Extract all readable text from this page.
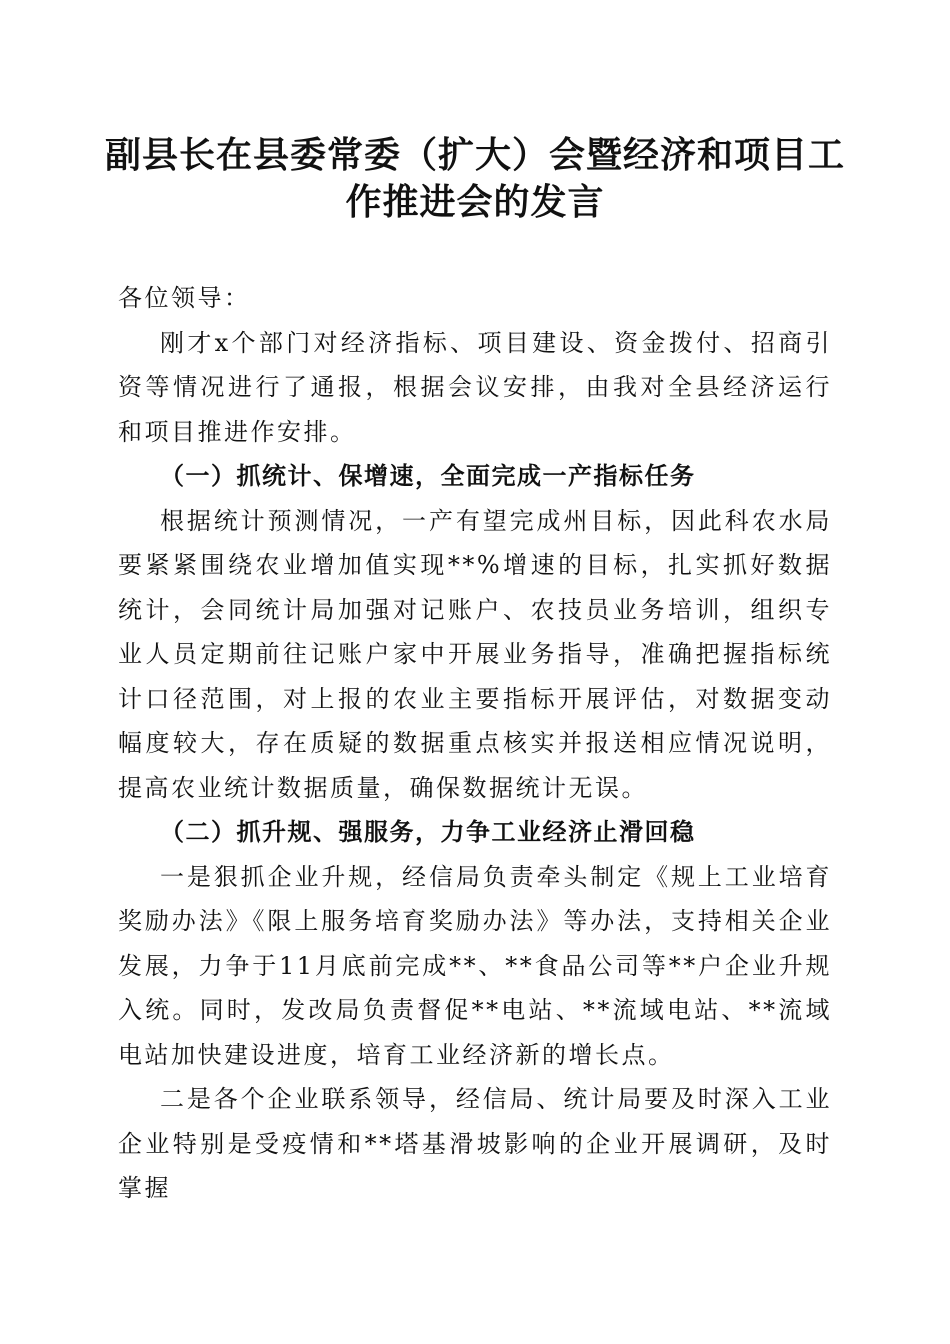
副县长在县委常委（扩大）会暨经济和项目工作推进会的发言

各位领导：

刚才x个部门对经济指标、项目建设、资金拨付、招商引资等情况进行了通报，根据会议安排，由我对全县经济运行和项目推进作安排。

（一）抓统计、保增速，全面完成一产指标任务

根据统计预测情况，一产有望完成州目标，因此科农水局要紧紧围绕农业增加值实现**%增速的目标，扎实抓好数据统计，会同统计局加强对记账户、农技员业务培训，组织专业人员定期前往记账户家中开展业务指导，准确把握指标统计口径范围，对上报的农业主要指标开展评估，对数据变动幅度较大，存在质疑的数据重点核实并报送相应情况说明，提高农业统计数据质量，确保数据统计无误。

（二）抓升规、强服务，力争工业经济止滑回稳

一是狠抓企业升规，经信局负责牵头制定《规上工业培育奖励办法》《限上服务培育奖励办法》等办法，支持相关企业发展，力争于11月底前完成**、**食品公司等**户企业升规入统。同时，发改局负责督促**电站、**流域电站、**流域电站加快建设进度，培育工业经济新的增长点。

二是各个企业联系领导，经信局、统计局要及时深入工业企业特别是受疫情和**塔基滑坡影响的企业开展调研，及时掌握
